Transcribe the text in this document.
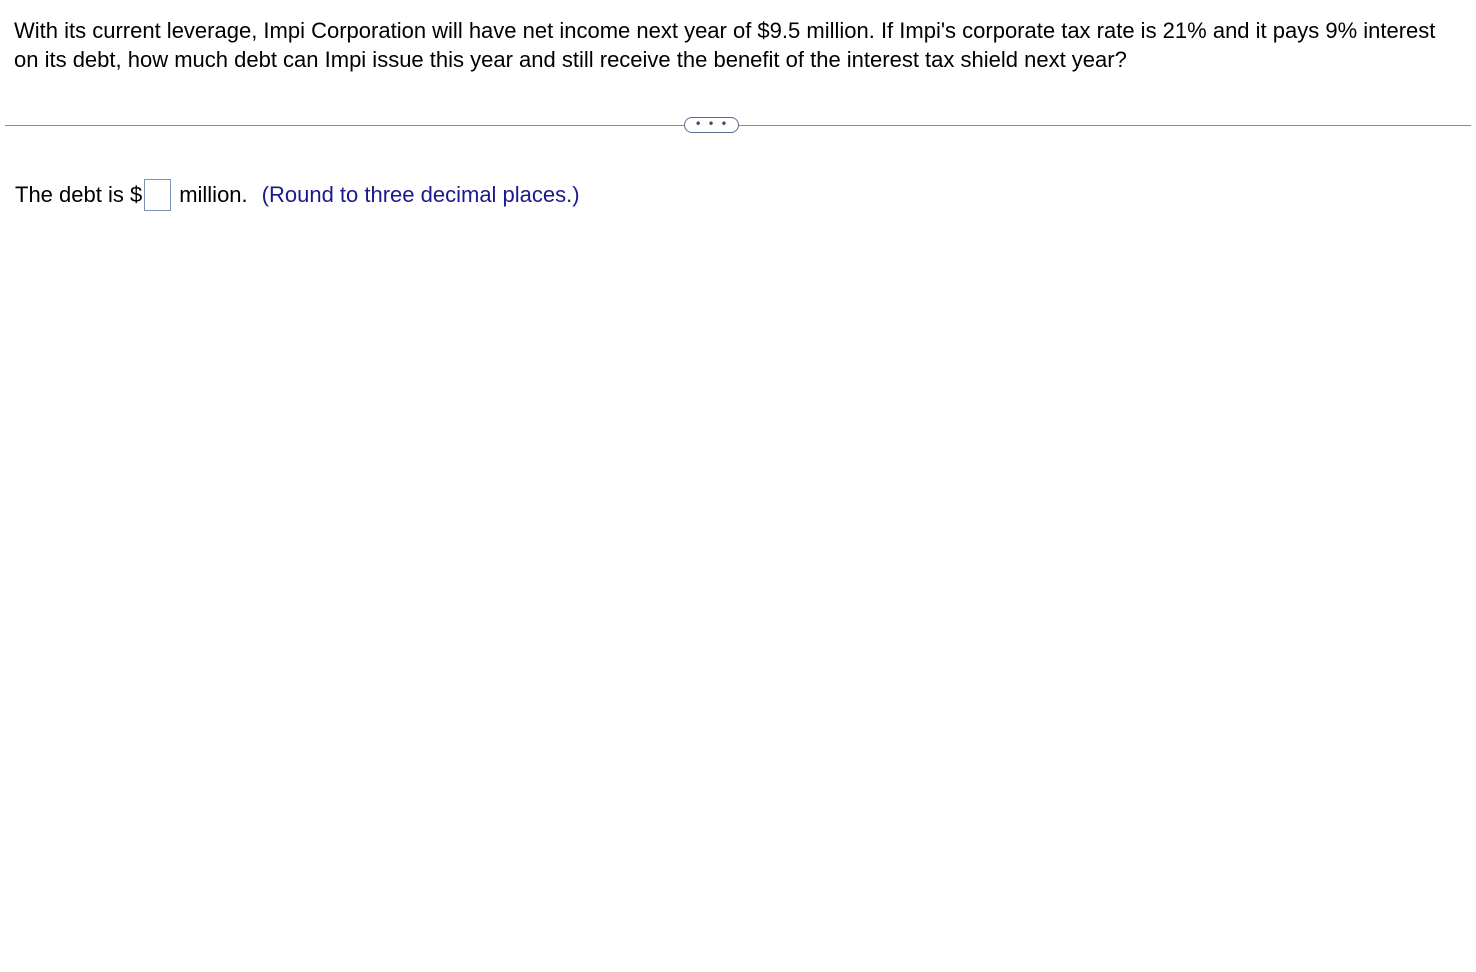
With its current leverage, Impi Corporation will have net income next year of $9.5 million. If Impi's corporate tax rate is 21% and it pays 9% interest on its debt, how much debt can Impi issue this year and still receive the benefit of the interest tax shield next year?

• • •
The debt is $ million. (Round to three decimal places.)
